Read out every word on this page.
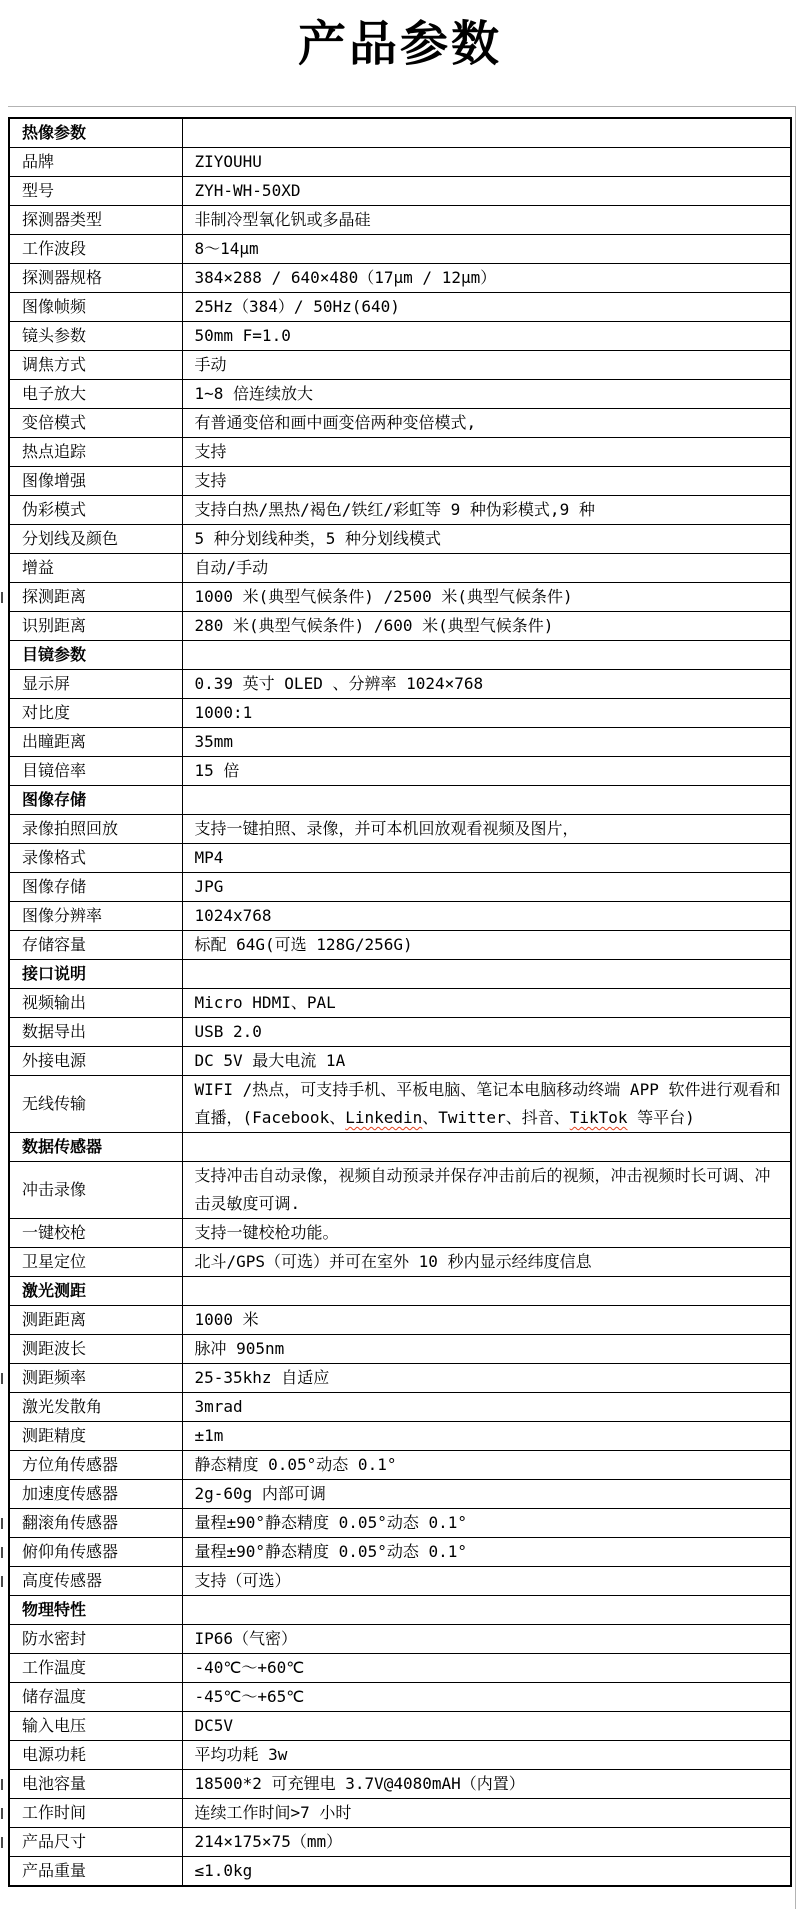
产品参数
热像参数	
品牌	ZIYOUHU
型号	ZYH-WH-50XD
探测器类型	非制冷型氧化钒或多晶硅
工作波段	8～14μm
探测器规格	384×288 / 640×480（17μm / 12μm）
图像帧频	25Hz（384）/ 50Hz(640)
镜头参数	50mm F=1.0
调焦方式	手动
电子放大	1~8 倍连续放大
变倍模式	有普通变倍和画中画变倍两种变倍模式,
热点追踪	支持
图像增强	支持
伪彩模式	支持白热/黑热/褐色/铁红/彩虹等 9 种伪彩模式,9 种
分划线及颜色	5 种分划线种类，5 种分划线模式
增益	自动/手动

探测距离	1000 米(典型气候条件) /2500 米(典型气候条件)
识别距离	280 米(典型气候条件) /600 米(典型气候条件)
目镜参数	
显示屏	0.39 英寸 OLED 、分辨率 1024×768
对比度	1000:1
出瞳距离	35mm
目镜倍率	15 倍
图像存储	
录像拍照回放	支持一键拍照、录像，并可本机回放观看视频及图片，
录像格式	MP4
图像存储	JPG
图像分辨率	1024x768
存储容量	标配 64G(可选 128G/256G)
接口说明	
视频输出	Micro HDMI、PAL
数据导出	USB 2.0
外接电源	DC 5V 最大电流 1A
无线传输	WIFI /热点，可支持手机、平板电脑、笔记本电脑移动终端 APP 软件进行观看和直播，(Facebook、Linkedin、Twitter、抖音、TikTok 等平台)
数据传感器	
冲击录像	支持冲击自动录像，视频自动预录并保存冲击前后的视频，冲击视频时长可调、冲击灵敏度可调.
一键校枪	支持一键校枪功能。
卫星定位	北斗/GPS（可选）并可在室外 10 秒内显示经纬度信息
激光测距	
测距距离	1000 米
测距波长	脉冲 905nm

测距频率	25-35khz 自适应
激光发散角	3mrad
测距精度	±1m
方位角传感器	静态精度 0.05°动态 0.1°
加速度传感器	2g-60g 内部可调

翻滚角传感器	量程±90°静态精度 0.05°动态 0.1°

俯仰角传感器	量程±90°静态精度 0.05°动态 0.1°

高度传感器	支持（可选）
物理特性	
防水密封	IP66（气密）
工作温度	-40℃～+60℃
储存温度	-45℃～+65℃
输入电压	DC5V
电源功耗	平均功耗 3w

电池容量	18500*2 可充锂电 3.7V@4080mAH（内置）

工作时间	连续工作时间>7 小时

产品尺寸	214×175×75（mm）
产品重量	≤1.0kg
